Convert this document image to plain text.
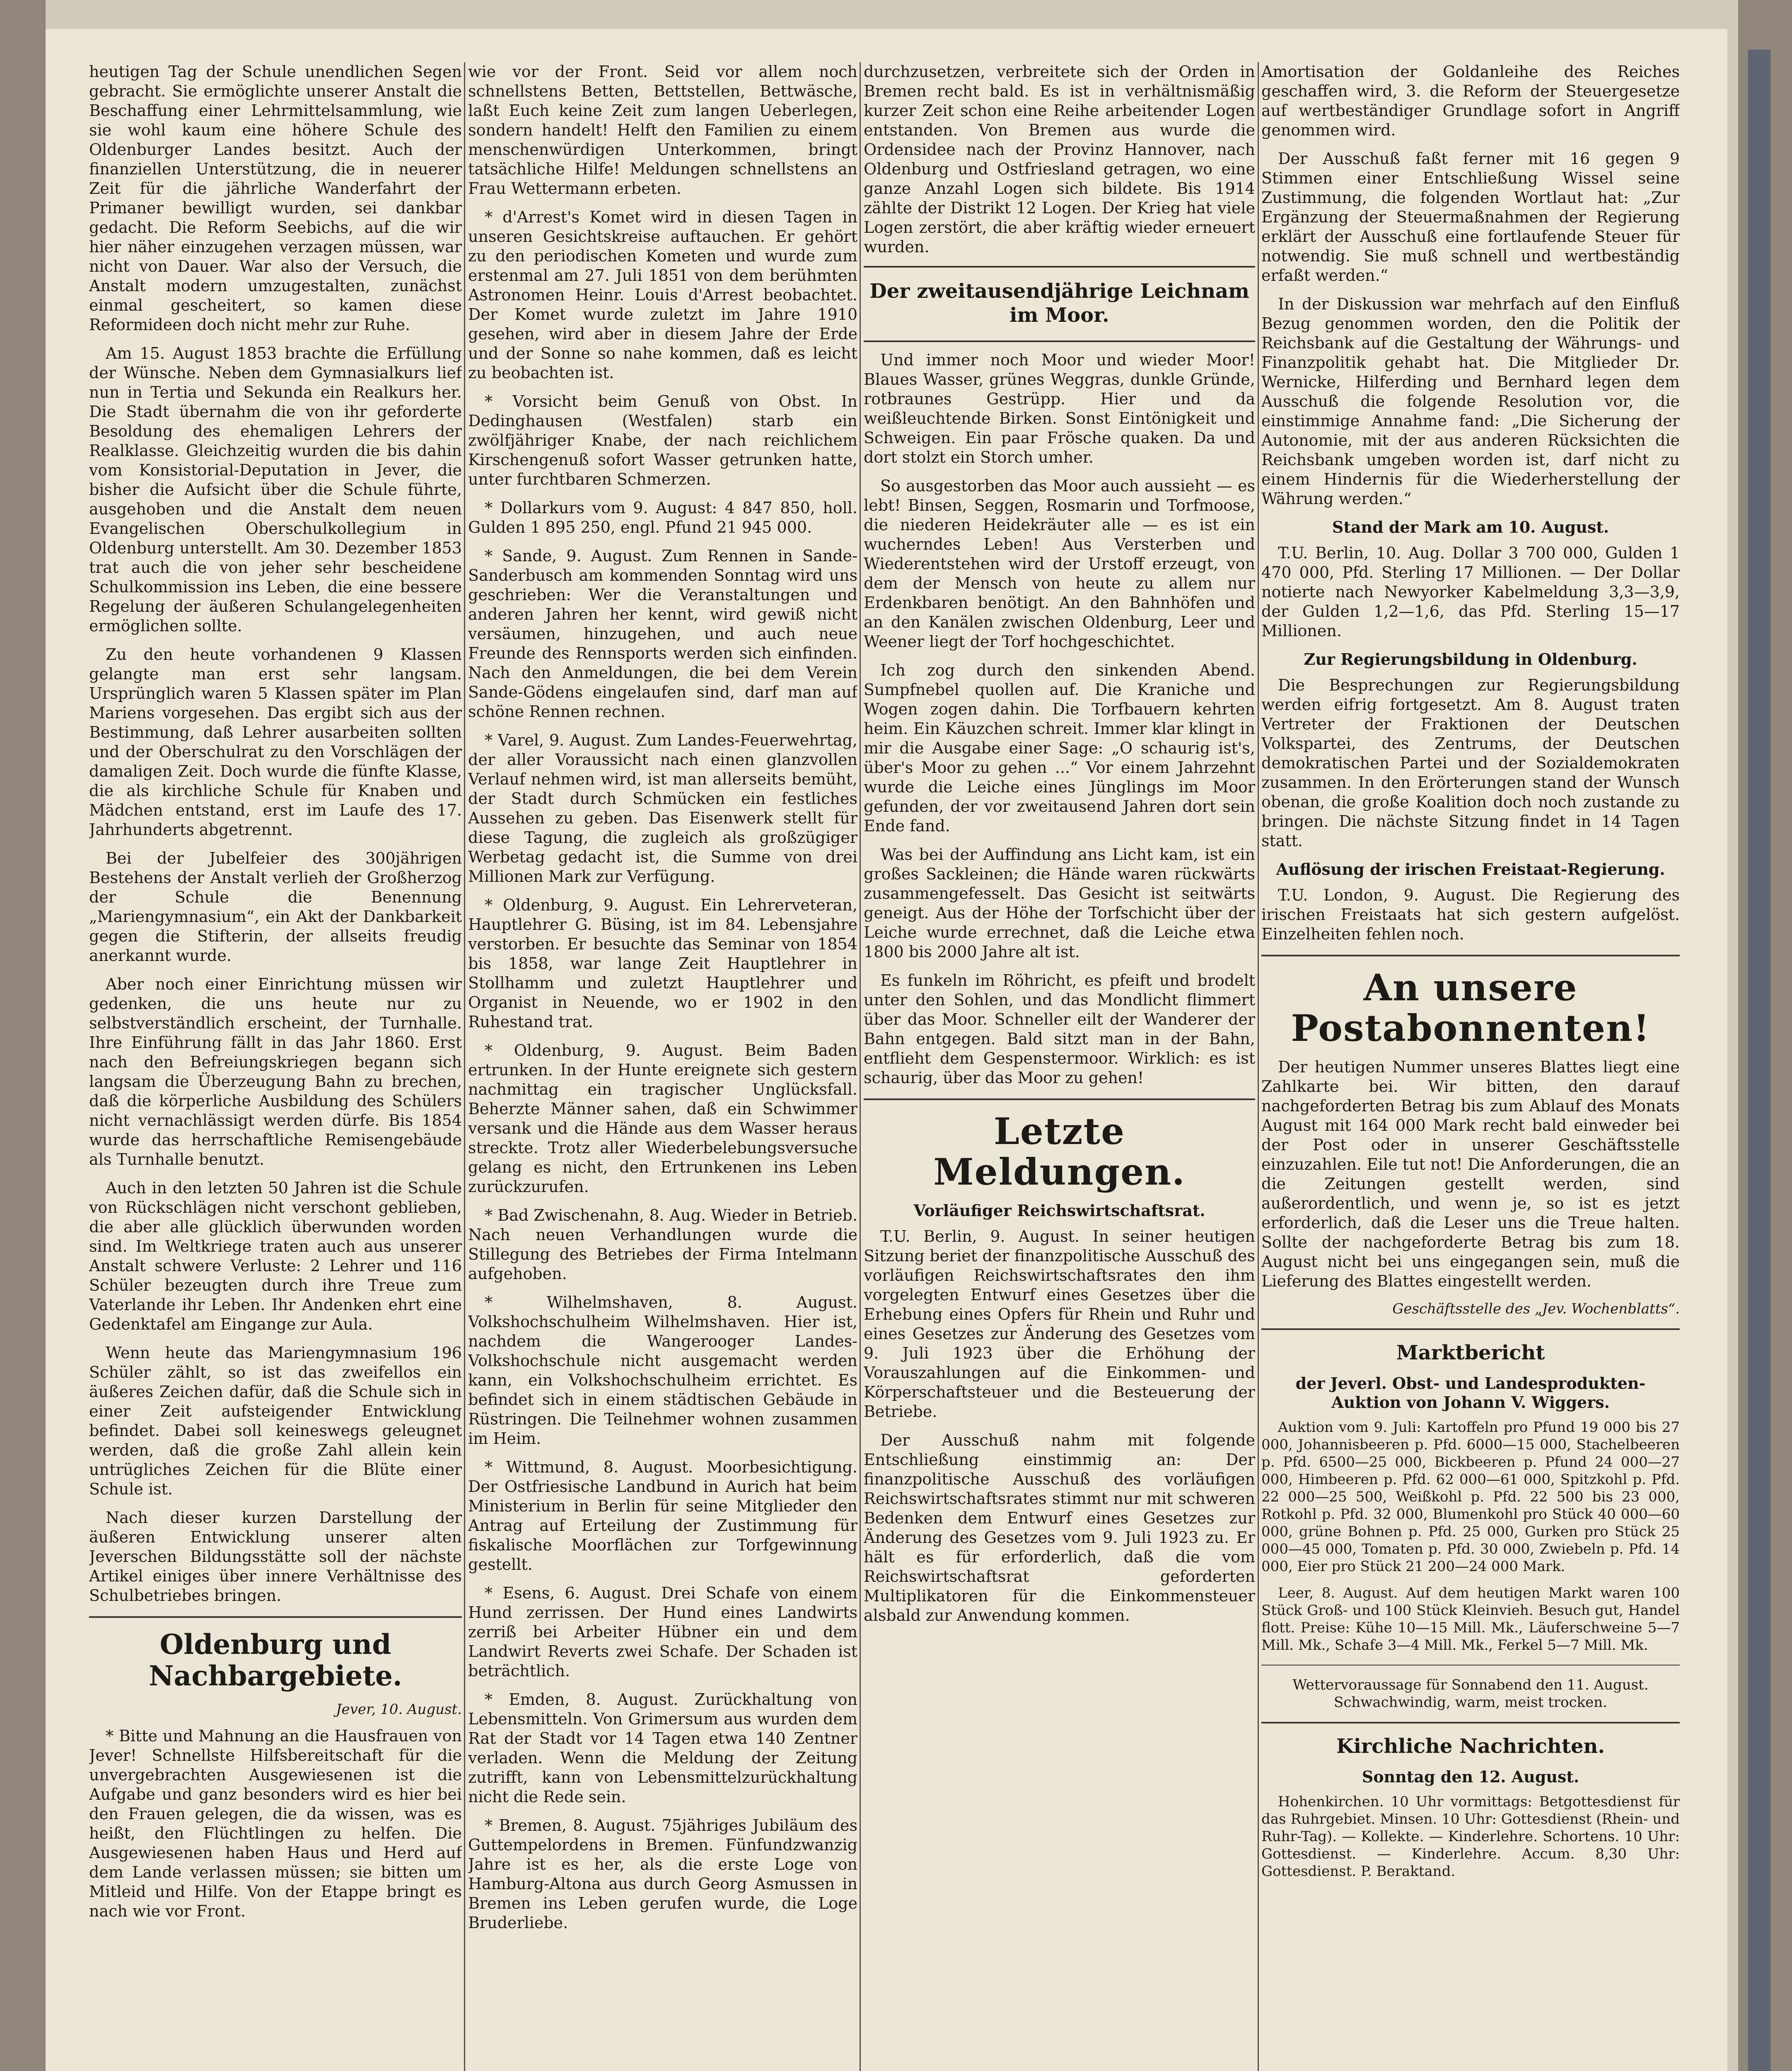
heutigen Tag der Schule unendlichen Segen gebracht. Sie ermöglichte unserer Anstalt die Beschaffung einer Lehrmittelsammlung, wie sie wohl kaum eine höhere Schule des Oldenburger Landes besitzt. Auch der finanziellen Unterstützung, die in neuerer Zeit für die jährliche Wanderfahrt der Primaner bewilligt wurden, sei dankbar gedacht. Die Reform Seebichs, auf die wir hier näher einzugehen verzagen müssen, war nicht von Dauer. War also der Versuch, die Anstalt modern umzugestalten, zunächst einmal gescheitert, so kamen diese Reformideen doch nicht mehr zur Ruhe.

Am 15. August 1853 brachte die Erfüllung der Wünsche. Neben dem Gymnasialkurs lief nun in Tertia und Sekunda ein Realkurs her. Die Stadt übernahm die von ihr geforderte Besoldung des ehemaligen Lehrers der Realklasse. Gleichzeitig wurden die bis dahin vom Konsistorial-Deputation in Jever, die bisher die Aufsicht über die Schule führte, ausgehoben und die Anstalt dem neuen Evangelischen Oberschulkollegium in Oldenburg unterstellt. Am 30. Dezember 1853 trat auch die von jeher sehr bescheidene Schulkommission ins Leben, die eine bessere Regelung der äußeren Schulangelegenheiten ermöglichen sollte.

Zu den heute vorhandenen 9 Klassen gelangte man erst sehr langsam. Ursprünglich waren 5 Klassen später im Plan Mariens vorgesehen. Das ergibt sich aus der Bestimmung, daß Lehrer ausarbeiten sollten und der Oberschulrat zu den Vorschlägen der damaligen Zeit. Doch wurde die fünfte Klasse, die als kirchliche Schule für Knaben und Mädchen entstand, erst im Laufe des 17. Jahrhunderts abgetrennt.

Bei der Jubelfeier des 300jährigen Bestehens der Anstalt verlieh der Großherzog der Schule die Benennung „Mariengymnasium“, ein Akt der Dankbarkeit gegen die Stifterin, der allseits freudig anerkannt wurde.

Aber noch einer Einrichtung müssen wir gedenken, die uns heute nur zu selbstverständlich erscheint, der Turnhalle. Ihre Einführung fällt in das Jahr 1860. Erst nach den Befreiungskriegen begann sich langsam die Überzeugung Bahn zu brechen, daß die körperliche Ausbildung des Schülers nicht vernachlässigt werden dürfe. Bis 1854 wurde das herrschaftliche Remisengebäude als Turnhalle benutzt.

Auch in den letzten 50 Jahren ist die Schule von Rückschlägen nicht verschont geblieben, die aber alle glücklich überwunden worden sind. Im Weltkriege traten auch aus unserer Anstalt schwere Verluste: 2 Lehrer und 116 Schüler bezeugten durch ihre Treue zum Vaterlande ihr Leben. Ihr Andenken ehrt eine Gedenktafel am Eingange zur Aula.

Wenn heute das Mariengymnasium 196 Schüler zählt, so ist das zweifellos ein äußeres Zeichen dafür, daß die Schule sich in einer Zeit aufsteigender Entwicklung befindet. Dabei soll keineswegs geleugnet werden, daß die große Zahl allein kein untrügliches Zeichen für die Blüte einer Schule ist.

Nach dieser kurzen Darstellung der äußeren Entwicklung unserer alten Jeverschen Bildungsstätte soll der nächste Artikel einiges über innere Verhältnisse des Schulbetriebes bringen.

Oldenburg und Nachbargebiete.
Jever, 10. August.

* Bitte und Mahnung an die Hausfrauen von Jever! Schnellste Hilfsbereitschaft für die unvergebrachten Ausgewiesenen ist die Aufgabe und ganz besonders wird es hier bei den Frauen gelegen, die da wissen, was es heißt, den Flüchtlingen zu helfen. Die Ausgewiesenen haben Haus und Herd auf dem Lande verlassen müssen; sie bitten um Mitleid und Hilfe. Von der Etappe bringt es nach wie vor Front.

wie vor der Front. Seid vor allem noch schnellstens Betten, Bettstellen, Bettwäsche, laßt Euch keine Zeit zum langen Ueberlegen, sondern handelt! Helft den Familien zu einem menschenwürdigen Unterkommen, bringt tatsächliche Hilfe! Meldungen schnellstens an Frau Wettermann erbeten.

* d'Arrest's Komet wird in diesen Tagen in unseren Gesichtskreise auftauchen. Er gehört zu den periodischen Kometen und wurde zum erstenmal am 27. Juli 1851 von dem berühmten Astronomen Heinr. Louis d'Arrest beobachtet. Der Komet wurde zuletzt im Jahre 1910 gesehen, wird aber in diesem Jahre der Erde und der Sonne so nahe kommen, daß es leicht zu beobachten ist.

* Vorsicht beim Genuß von Obst. In Dedinghausen (Westfalen) starb ein zwölfjähriger Knabe, der nach reichlichem Kirschengenuß sofort Wasser getrunken hatte, unter furchtbaren Schmerzen.

* Dollarkurs vom 9. August: 4 847 850, holl. Gulden 1 895 250, engl. Pfund 21 945 000.

* Sande, 9. August. Zum Rennen in Sande-Sanderbusch am kommenden Sonntag wird uns geschrieben: Wer die Veranstaltungen und anderen Jahren her kennt, wird gewiß nicht versäumen, hinzugehen, und auch neue Freunde des Rennsports werden sich einfinden. Nach den Anmeldungen, die bei dem Verein Sande-Gödens eingelaufen sind, darf man auf schöne Rennen rechnen.

* Varel, 9. August. Zum Landes-Feuerwehrtag, der aller Voraussicht nach einen glanzvollen Verlauf nehmen wird, ist man allerseits bemüht, der Stadt durch Schmücken ein festliches Aussehen zu geben. Das Eisenwerk stellt für diese Tagung, die zugleich als großzügiger Werbetag gedacht ist, die Summe von drei Millionen Mark zur Verfügung.

* Oldenburg, 9. August. Ein Lehrerveteran, Hauptlehrer G. Büsing, ist im 84. Lebensjahre verstorben. Er besuchte das Seminar von 1854 bis 1858, war lange Zeit Hauptlehrer in Stollhamm und zuletzt Hauptlehrer und Organist in Neuende, wo er 1902 in den Ruhestand trat.

* Oldenburg, 9. August. Beim Baden ertrunken. In der Hunte ereignete sich gestern nachmittag ein tragischer Unglücksfall. Beherzte Männer sahen, daß ein Schwimmer versank und die Hände aus dem Wasser heraus streckte. Trotz aller Wiederbelebungsversuche gelang es nicht, den Ertrunkenen ins Leben zurückzurufen.

* Bad Zwischenahn, 8. Aug. Wieder in Betrieb. Nach neuen Verhandlungen wurde die Stillegung des Betriebes der Firma Intelmann aufgehoben.

* Wilhelmshaven, 8. August. Volkshochschulheim Wilhelmshaven. Hier ist, nachdem die Wangerooger Landes-Volkshochschule nicht ausgemacht werden kann, ein Volkshochschulheim errichtet. Es befindet sich in einem städtischen Gebäude in Rüstringen. Die Teilnehmer wohnen zusammen im Heim.

* Wittmund, 8. August. Moorbesichtigung. Der Ostfriesische Landbund in Aurich hat beim Ministerium in Berlin für seine Mitglieder den Antrag auf Erteilung der Zustimmung für fiskalische Moorflächen zur Torfgewinnung gestellt.

* Esens, 6. August. Drei Schafe von einem Hund zerrissen. Der Hund eines Landwirts zerriß bei Arbeiter Hübner ein und dem Landwirt Reverts zwei Schafe. Der Schaden ist beträchtlich.

* Emden, 8. August. Zurückhaltung von Lebensmitteln. Von Grimersum aus wurden dem Rat der Stadt vor 14 Tagen etwa 140 Zentner verladen. Wenn die Meldung der Zeitung zutrifft, kann von Lebensmittelzurückhaltung nicht die Rede sein.

* Bremen, 8. August. 75jähriges Jubiläum des Guttempelordens in Bremen. Fünfundzwanzig Jahre ist es her, als die erste Loge von Hamburg-Altona aus durch Georg Asmussen in Bremen ins Leben gerufen wurde, die Loge Bruderliebe.

durchzusetzen, verbreitete sich der Orden in Bremen recht bald. Es ist in verhältnismäßig kurzer Zeit schon eine Reihe arbeitender Logen entstanden. Von Bremen aus wurde die Ordensidee nach der Provinz Hannover, nach Oldenburg und Ostfriesland getragen, wo eine ganze Anzahl Logen sich bildete. Bis 1914 zählte der Distrikt 12 Logen. Der Krieg hat viele Logen zerstört, die aber kräftig wieder erneuert wurden.

Der zweitausendjährige Leichnam im Moor.

Und immer noch Moor und wieder Moor! Blaues Wasser, grünes Weggras, dunkle Gründe, rotbraunes Gestrüpp. Hier und da weißleuchtende Birken. Sonst Eintönigkeit und Schweigen. Ein paar Frösche quaken. Da und dort stolzt ein Storch umher.

So ausgestorben das Moor auch aussieht — es lebt! Binsen, Seggen, Rosmarin und Torfmoose, die niederen Heidekräuter alle — es ist ein wucherndes Leben! Aus Versterben und Wiederentstehen wird der Urstoff erzeugt, von dem der Mensch von heute zu allem nur Erdenkbaren benötigt. An den Bahnhöfen und an den Kanälen zwischen Oldenburg, Leer und Weener liegt der Torf hochgeschichtet.

Ich zog durch den sinkenden Abend. Sumpfnebel quollen auf. Die Kraniche und Wogen zogen dahin. Die Torfbauern kehrten heim. Ein Käuzchen schreit. Immer klar klingt in mir die Ausgabe einer Sage: „O schaurig ist's, über's Moor zu gehen ...“ Vor einem Jahrzehnt wurde die Leiche eines Jünglings im Moor gefunden, der vor zweitausend Jahren dort sein Ende fand.

Was bei der Auffindung ans Licht kam, ist ein großes Sackleinen; die Hände waren rückwärts zusammengefesselt. Das Gesicht ist seitwärts geneigt. Aus der Höhe der Torfschicht über der Leiche wurde errechnet, daß die Leiche etwa 1800 bis 2000 Jahre alt ist.

Es funkeln im Röhricht, es pfeift und brodelt unter den Sohlen, und das Mondlicht flimmert über das Moor. Schneller eilt der Wanderer der Bahn entgegen. Bald sitzt man in der Bahn, entflieht dem Gespenstermoor. Wirklich: es ist schaurig, über das Moor zu gehen!

Letzte Meldungen.
Vorläufiger Reichswirtschaftsrat.

T.U. Berlin, 9. August. In seiner heutigen Sitzung beriet der finanzpolitische Ausschuß des vorläufigen Reichswirtschaftsrates den ihm vorgelegten Entwurf eines Gesetzes über die Erhebung eines Opfers für Rhein und Ruhr und eines Gesetzes zur Änderung des Gesetzes vom 9. Juli 1923 über die Erhöhung der Vorauszahlungen auf die Einkommen- und Körperschaftsteuer und die Besteuerung der Betriebe.

Der Ausschuß nahm mit folgende Entschließung einstimmig an: Der finanzpolitische Ausschuß des vorläufigen Reichswirtschaftsrates stimmt nur mit schweren Bedenken dem Entwurf eines Gesetzes zur Änderung des Gesetzes vom 9. Juli 1923 zu. Er hält es für erforderlich, daß die vom Reichswirtschaftsrat geforderten Multiplikatoren für die Einkommensteuer alsbald zur Anwendung kommen.

Amortisation der Goldanleihe des Reiches geschaffen wird, 3. die Reform der Steuergesetze auf wertbeständiger Grundlage sofort in Angriff genommen wird.

Der Ausschuß faßt ferner mit 16 gegen 9 Stimmen einer Entschließung Wissel seine Zustimmung, die folgenden Wortlaut hat: „Zur Ergänzung der Steuermaßnahmen der Regierung erklärt der Ausschuß eine fortlaufende Steuer für notwendig. Sie muß schnell und wertbeständig erfaßt werden.“

In der Diskussion war mehrfach auf den Einfluß Bezug genommen worden, den die Politik der Reichsbank auf die Gestaltung der Währungs- und Finanzpolitik gehabt hat. Die Mitglieder Dr. Wernicke, Hilferding und Bernhard legen dem Ausschuß die folgende Resolution vor, die einstimmige Annahme fand: „Die Sicherung der Autonomie, mit der aus anderen Rücksichten die Reichsbank umgeben worden ist, darf nicht zu einem Hindernis für die Wiederherstellung der Währung werden.“

Stand der Mark am 10. August.

T.U. Berlin, 10. Aug. Dollar 3 700 000, Gulden 1 470 000, Pfd. Sterling 17 Millionen. — Der Dollar notierte nach Newyorker Kabelmeldung 3,3—3,9, der Gulden 1,2—1,6, das Pfd. Sterling 15—17 Millionen.

Zur Regierungsbildung in Oldenburg.

Die Besprechungen zur Regierungsbildung werden eifrig fortgesetzt. Am 8. August traten Vertreter der Fraktionen der Deutschen Volkspartei, des Zentrums, der Deutschen demokratischen Partei und der Sozialdemokraten zusammen. In den Erörterungen stand der Wunsch obenan, die große Koalition doch noch zustande zu bringen. Die nächste Sitzung findet in 14 Tagen statt.

Auflösung der irischen Freistaat-Regierung.

T.U. London, 9. August. Die Regierung des irischen Freistaats hat sich gestern aufgelöst. Einzelheiten fehlen noch.

An unsere Postabonnenten!

Der heutigen Nummer unseres Blattes liegt eine Zahlkarte bei. Wir bitten, den darauf nachgeforderten Betrag bis zum Ablauf des Monats August mit 164 000 Mark recht bald einweder bei der Post oder in unserer Geschäftsstelle einzuzahlen. Eile tut not! Die Anforderungen, die an die Zeitungen gestellt werden, sind außerordentlich, und wenn je, so ist es jetzt erforderlich, daß die Leser uns die Treue halten. Sollte der nachgeforderte Betrag bis zum 18. August nicht bei uns eingegangen sein, muß die Lieferung des Blattes eingestellt werden.

Geschäftsstelle des „Jev. Wochenblatts“.
Marktbericht
der Jeverl. Obst- und Landesprodukten-Auktion von Johann V. Wiggers.

Auktion vom 9. Juli: Kartoffeln pro Pfund 19 000 bis 27 000, Johannisbeeren p. Pfd. 6000—15 000, Stachelbeeren p. Pfd. 6500—25 000, Bickbeeren p. Pfund 24 000—27 000, Himbeeren p. Pfd. 62 000—61 000, Spitzkohl p. Pfd. 22 000—25 500, Weißkohl p. Pfd. 22 500 bis 23 000, Rotkohl p. Pfd. 32 000, Blumenkohl pro Stück 40 000—60 000, grüne Bohnen p. Pfd. 25 000, Gurken pro Stück 25 000—45 000, Tomaten p. Pfd. 30 000, Zwiebeln p. Pfd. 14 000, Eier pro Stück 21 200—24 000 Mark.

Leer, 8. August. Auf dem heutigen Markt waren 100 Stück Groß- und 100 Stück Kleinvieh. Besuch gut, Handel flott. Preise: Kühe 10—15 Mill. Mk., Läuferschweine 5—7 Mill. Mk., Schafe 3—4 Mill. Mk., Ferkel 5—7 Mill. Mk.

Wettervoraussage für Sonnabend den 11. August. Schwachwindig, warm, meist trocken.

Kirchliche Nachrichten.
Sonntag den 12. August.

Hohenkirchen. 10 Uhr vormittags: Betgottesdienst für das Ruhrgebiet. Minsen. 10 Uhr: Gottesdienst (Rhein- und Ruhr-Tag). — Kollekte. — Kinderlehre. Schortens. 10 Uhr: Gottesdienst. — Kinderlehre. Accum. 8,30 Uhr: Gottesdienst. P. Beraktand.
